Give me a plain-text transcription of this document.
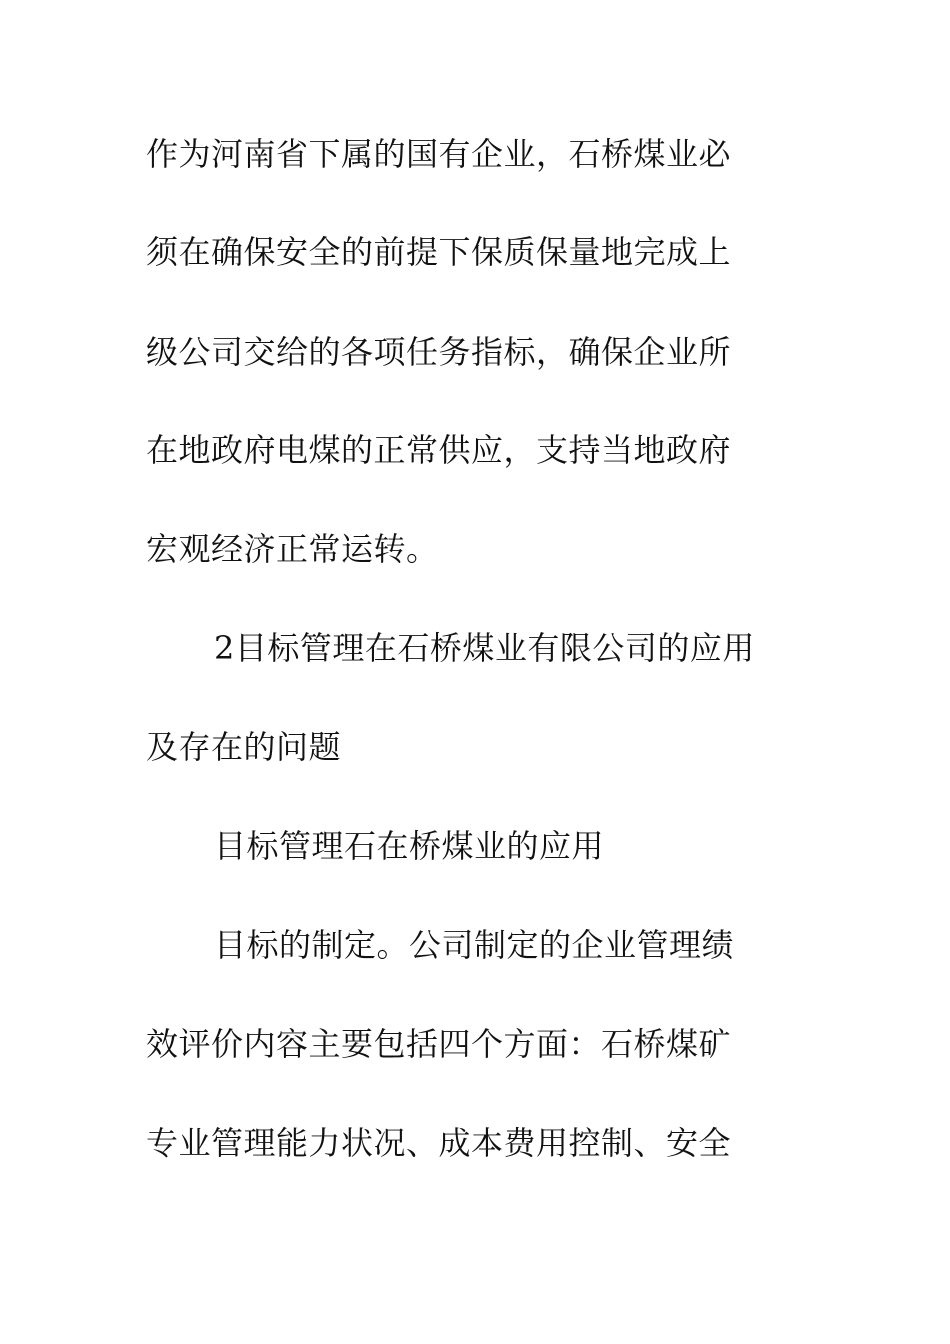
作为河南省下属的国有企业，石桥煤业必
须在确保安全的前提下保质保量地完成上
级公司交给的各项任务指标，确保企业所
在地政府电煤的正常供应，支持当地政府
宏观经济正常运转。
2目标管理在石桥煤业有限公司的应用
及存在的问题
目标管理石在桥煤业的应用
目标的制定。公司制定的企业管理绩
效评价内容主要包括四个方面：石桥煤矿
专业管理能力状况、成本费用控制、安全
